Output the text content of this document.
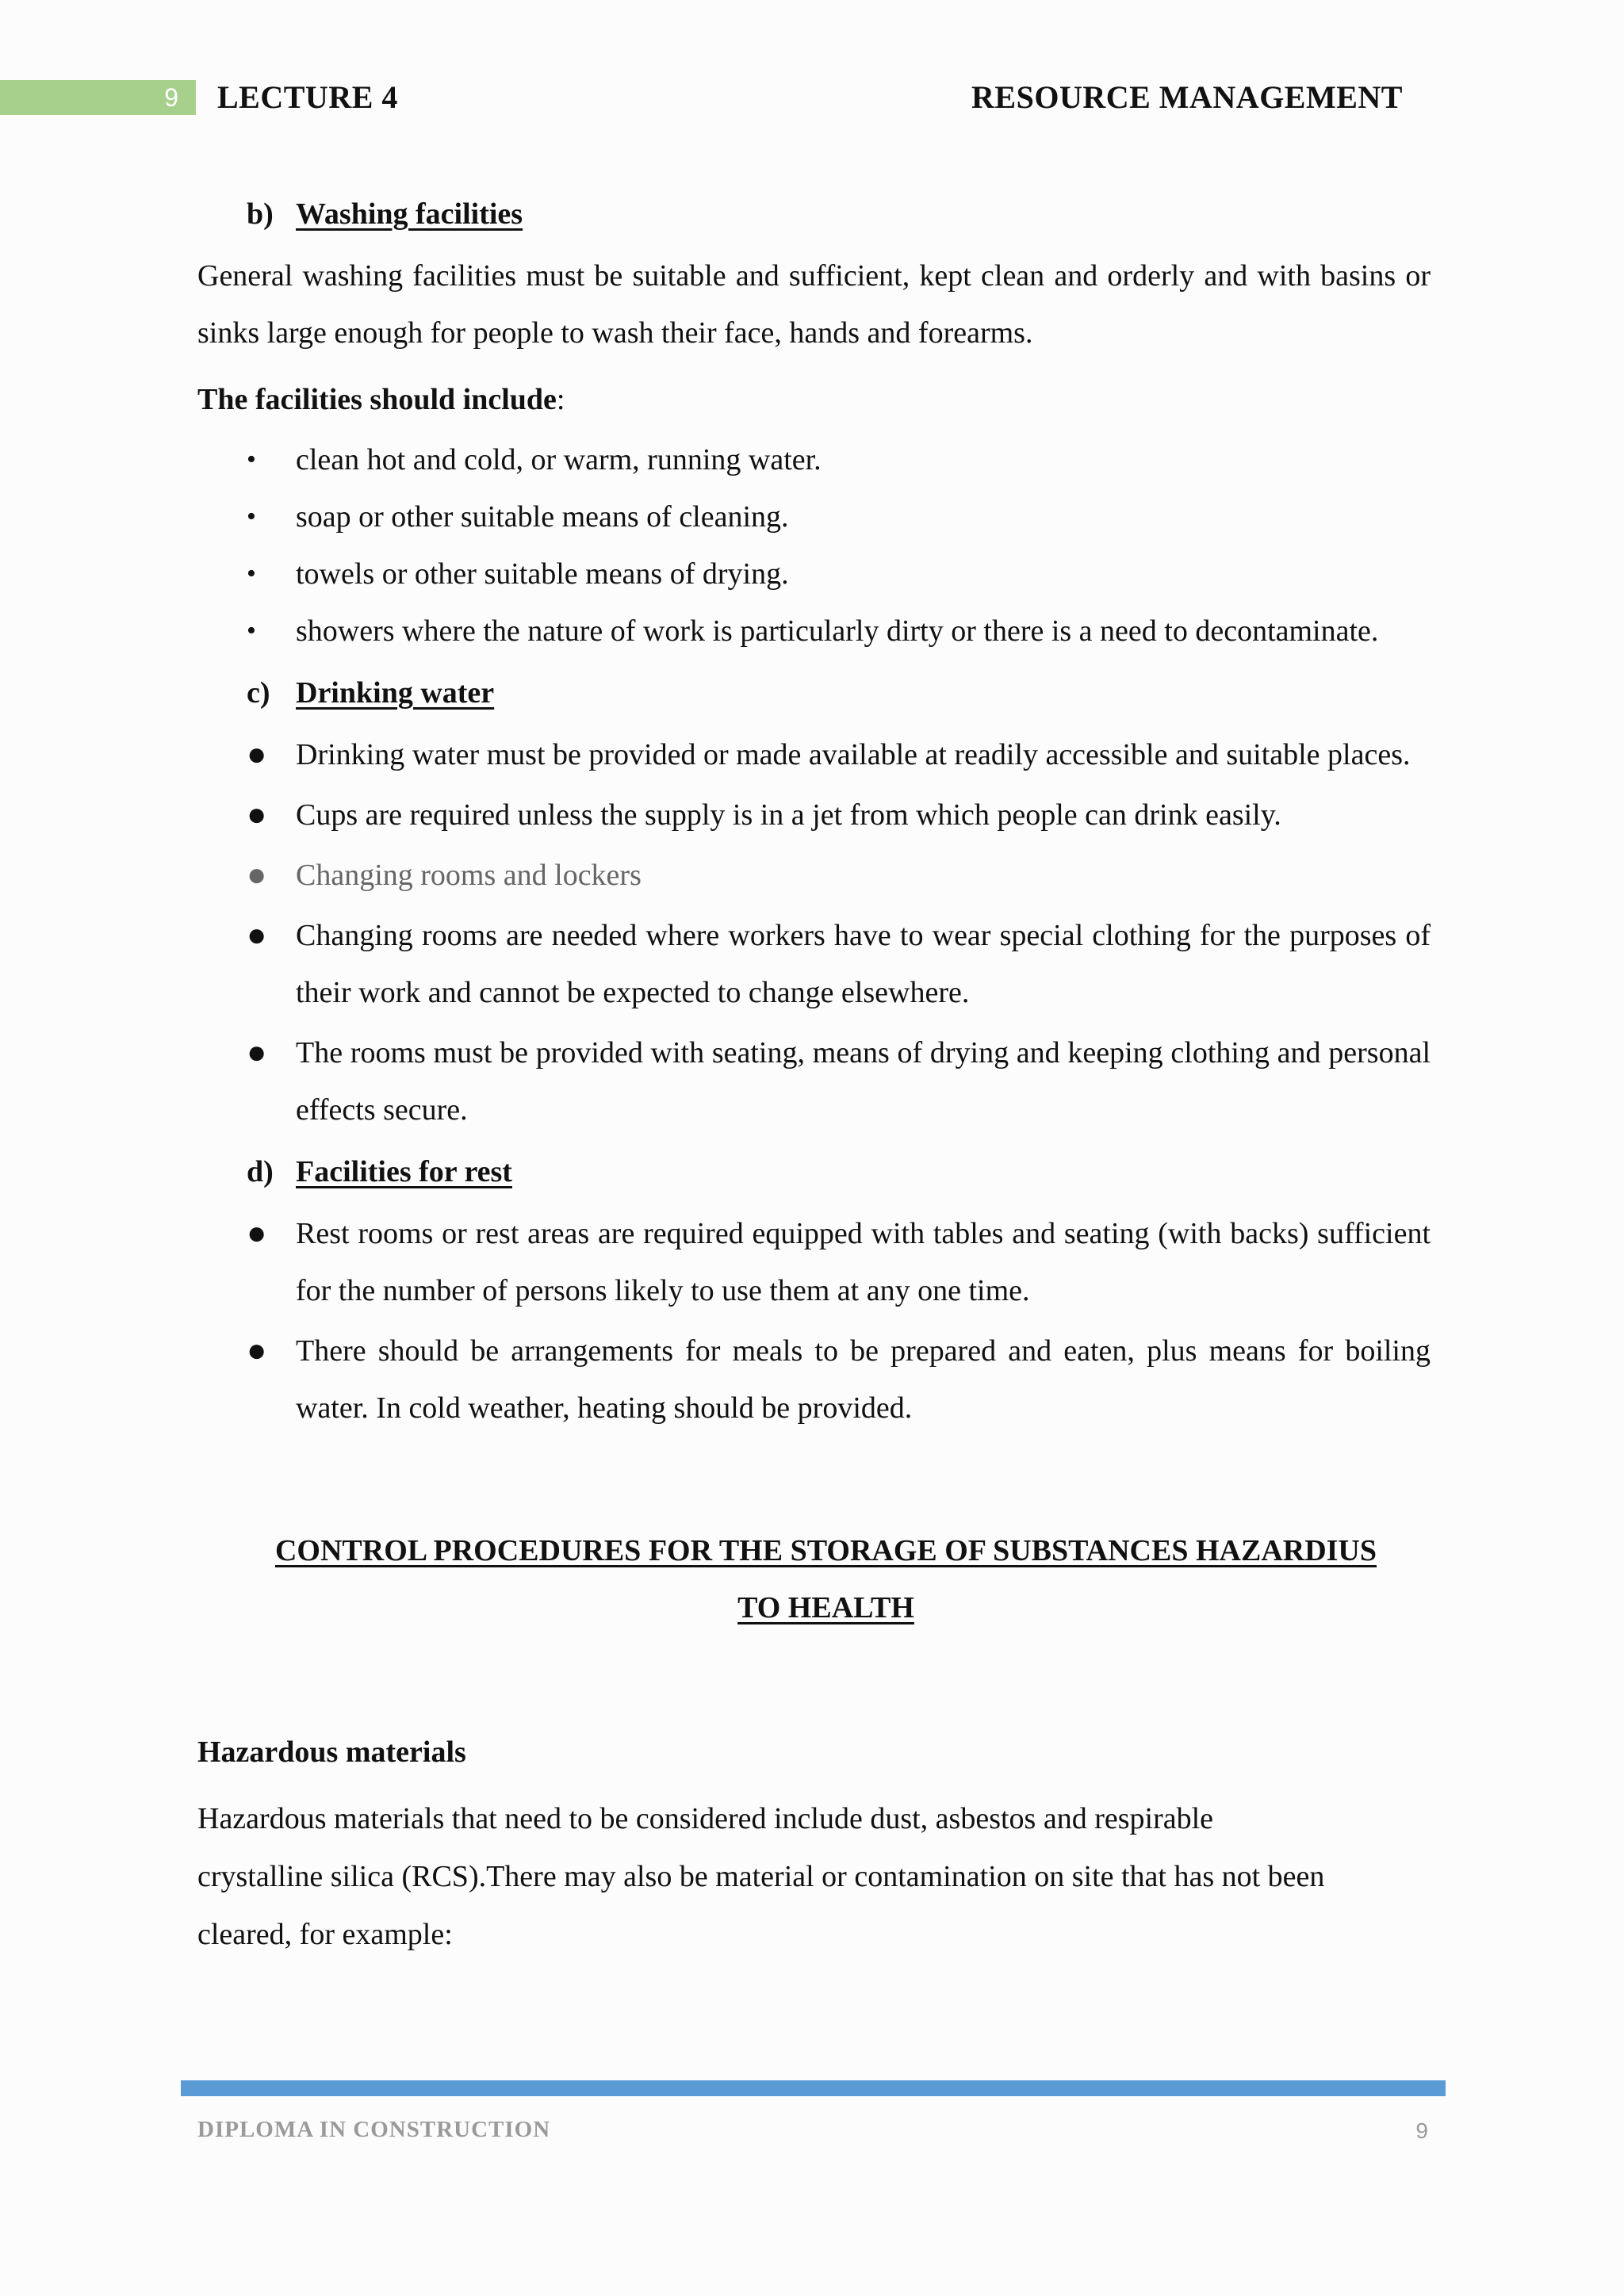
9	LECTURE 4	RESOURCE MANAGEMENT
b) Washing facilities

General washing facilities must be suitable and sufficient, kept clean and orderly and with basins or sinks large enough for people to wash their face, hands and forearms.

The facilities should include:

•	clean hot and cold, or warm, running water.
•	soap or other suitable means of cleaning.
•	towels or other suitable means of drying.
•	showers where the nature of work is particularly dirty or there is a need to decontaminate.
c) Drinking water
● Drinking water must be provided or made available at readily accessible and suitable places.
● Cups are required unless the supply is in a jet from which people can drink easily.
● Changing rooms and lockers
● Changing rooms are needed where workers have to wear special clothing for the purposes of their work and cannot be expected to change elsewhere.
● The rooms must be provided with seating, means of drying and keeping clothing and personal effects secure.
d) Facilities for rest
● Rest rooms or rest areas are required equipped with tables and seating (with backs) sufficient for the number of persons likely to use them at any one time.
● There should be arrangements for meals to be prepared and eaten, plus means for boiling water. In cold weather, heating should be provided.
CONTROL PROCEDURES FOR THE STORAGE OF SUBSTANCES HAZARDIUS
TO HEALTH
Hazardous materials
Hazardous materials that need to be considered include dust, asbestos and respirable
crystalline silica (RCS).There may also be material or contamination on site that has not been
cleared, for example:
DIPLOMA IN CONSTRUCTION	9
